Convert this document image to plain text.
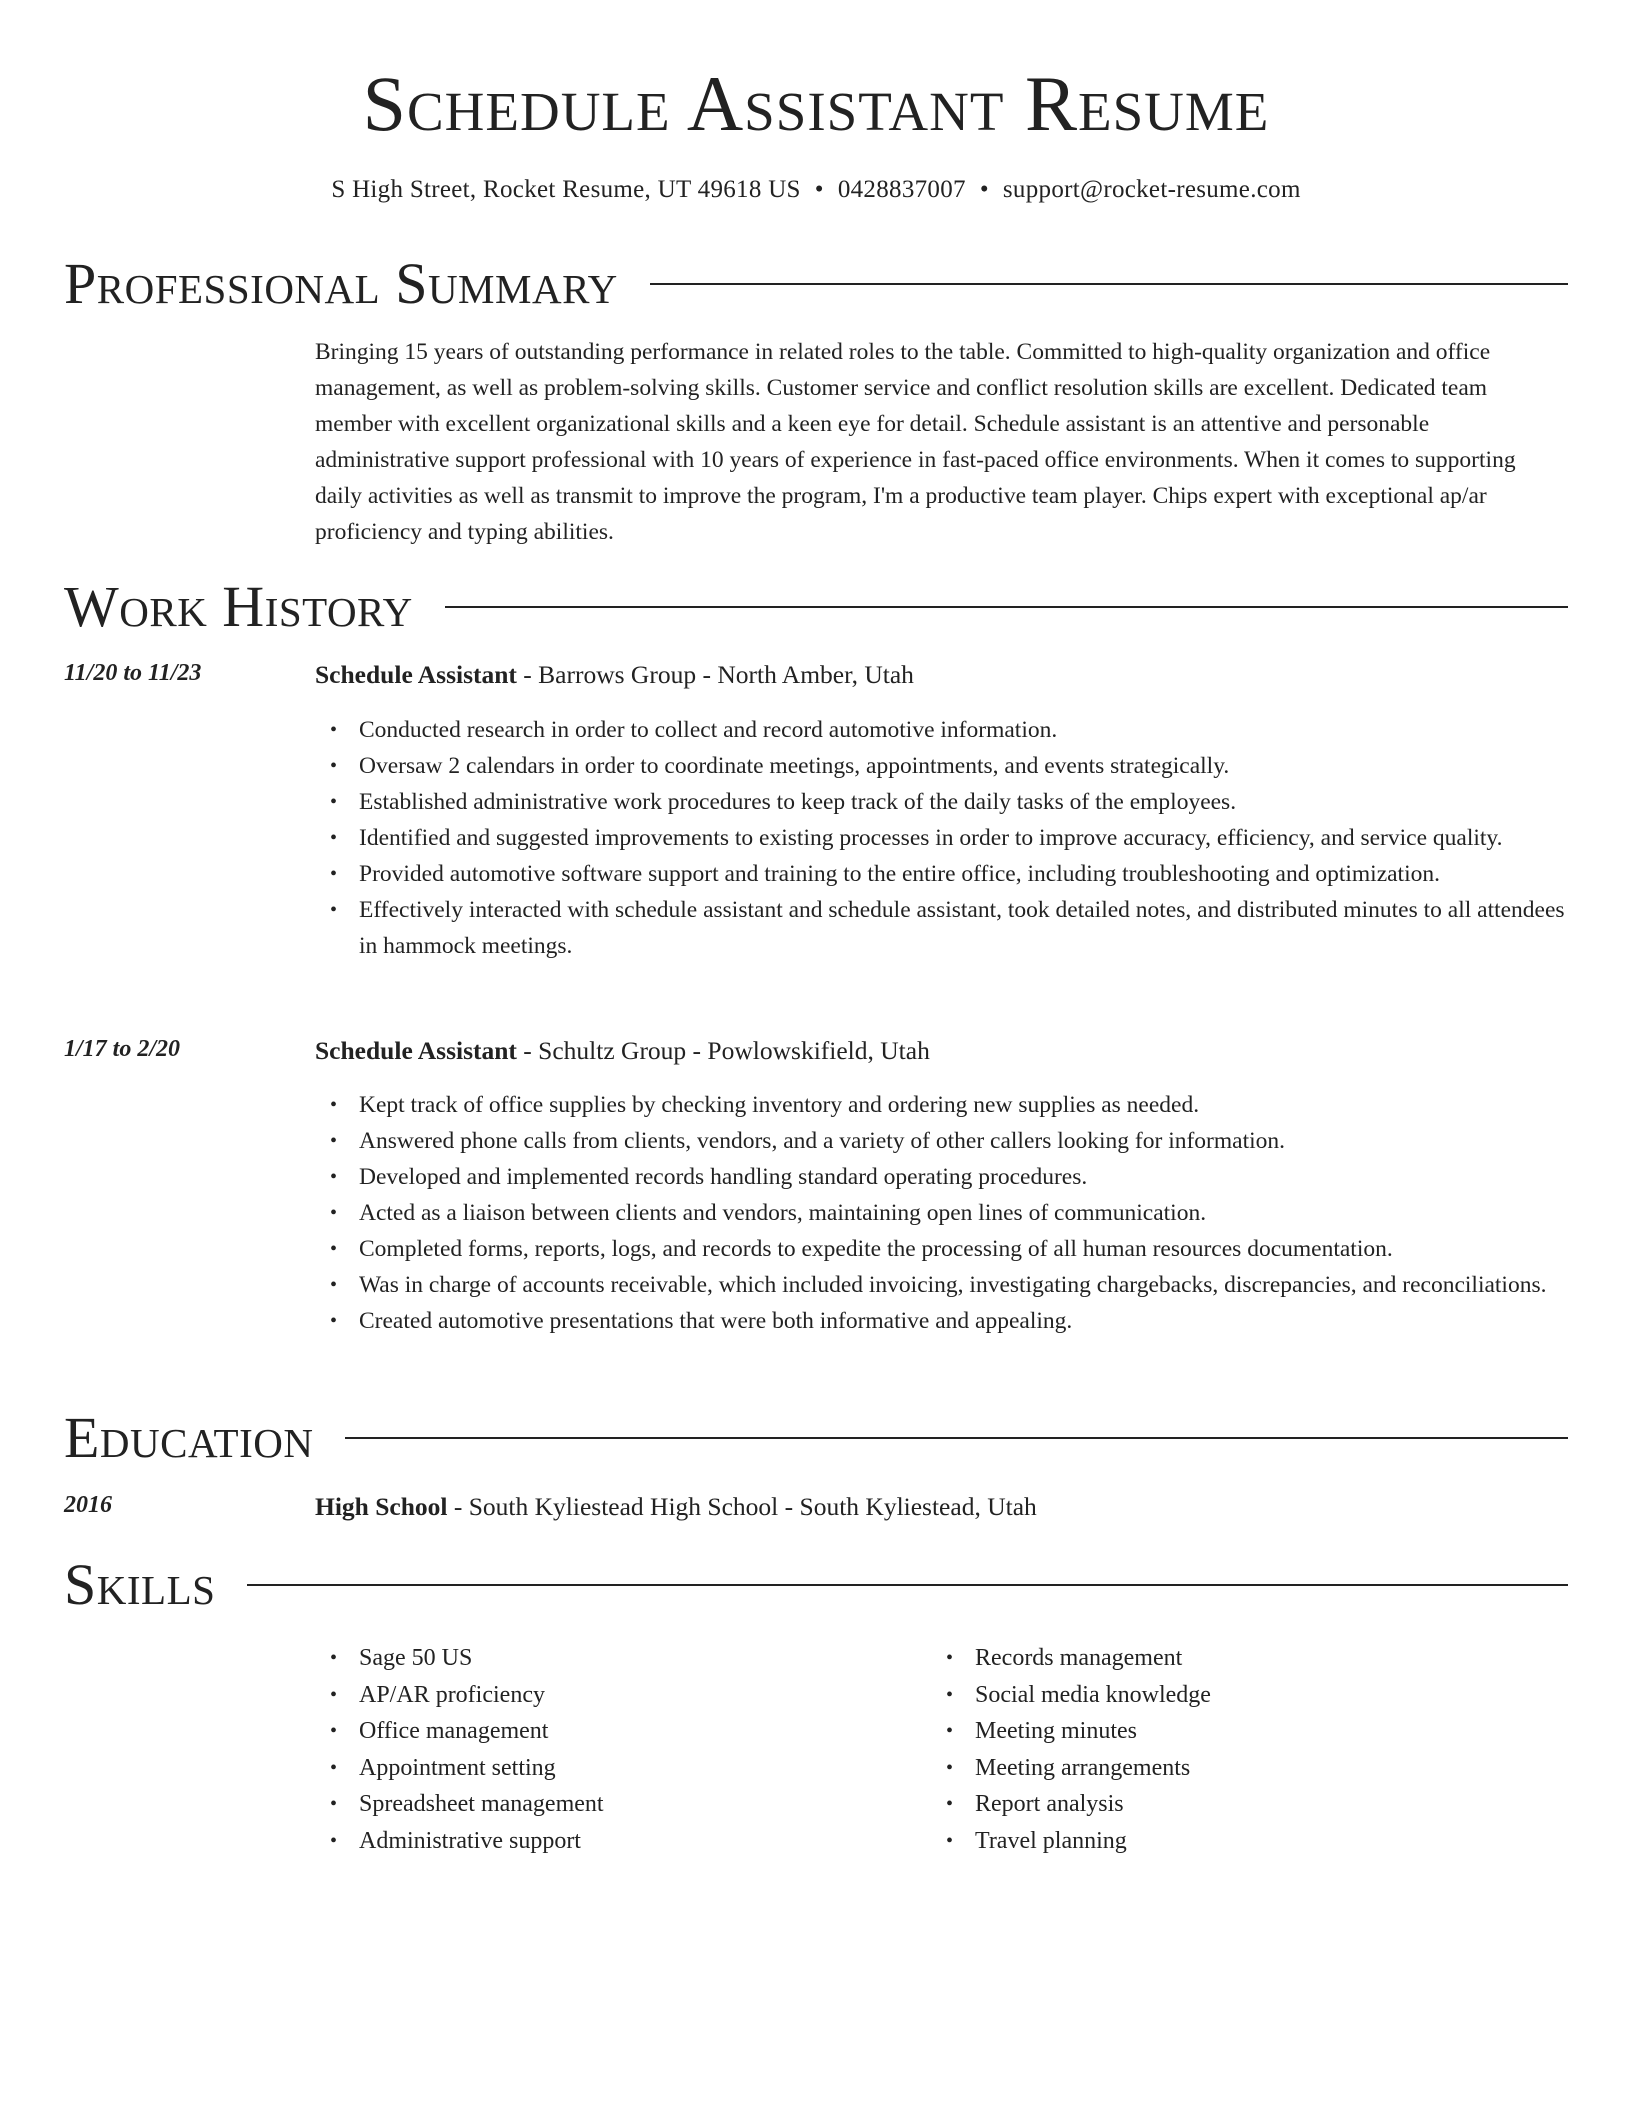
Schedule Assistant Resume

S High Street, Rocket Resume, UT 49618 US • 0428837007 • support@rocket-resume.com

Professional Summary

Bringing 15 years of outstanding performance in related roles to the table. Committed to high-quality organization and office management, as well as problem-solving skills. Customer service and conflict resolution skills are excellent. Dedicated team member with excellent organizational skills and a keen eye for detail. Schedule assistant is an attentive and personable administrative support professional with 10 years of experience in fast-paced office environments. When it comes to supporting daily activities as well as transmit to improve the program, I'm a productive team player. Chips expert with exceptional ap/ar proficiency and typing abilities.

Work History
11/20 to 11/23	Schedule Assistant - Barrows Group - North Amber, Utah
• Conducted research in order to collect and record automotive information.
• Oversaw 2 calendars in order to coordinate meetings, appointments, and events strategically.
• Established administrative work procedures to keep track of the daily tasks of the employees.
• Identified and suggested improvements to existing processes in order to improve accuracy, efficiency, and service quality.
• Provided automotive software support and training to the entire office, including troubleshooting and optimization.
• Effectively interacted with schedule assistant and schedule assistant, took detailed notes, and distributed minutes to all attendees in hammock meetings.
1/17 to 2/20	Schedule Assistant - Schultz Group - Powlowskifield, Utah
• Kept track of office supplies by checking inventory and ordering new supplies as needed.
• Answered phone calls from clients, vendors, and a variety of other callers looking for information.
• Developed and implemented records handling standard operating procedures.
• Acted as a liaison between clients and vendors, maintaining open lines of communication.
• Completed forms, reports, logs, and records to expedite the processing of all human resources documentation.
• Was in charge of accounts receivable, which included invoicing, investigating chargebacks, discrepancies, and reconciliations.
• Created automotive presentations that were both informative and appealing.
Education
2016	High School - South Kyliestead High School - South Kyliestead, Utah
Skills
• Sage 50 US
• AP/AR proficiency
• Office management
• Appointment setting
• Spreadsheet management
• Administrative support
• Records management
• Social media knowledge
• Meeting minutes
• Meeting arrangements
• Report analysis
• Travel planning
